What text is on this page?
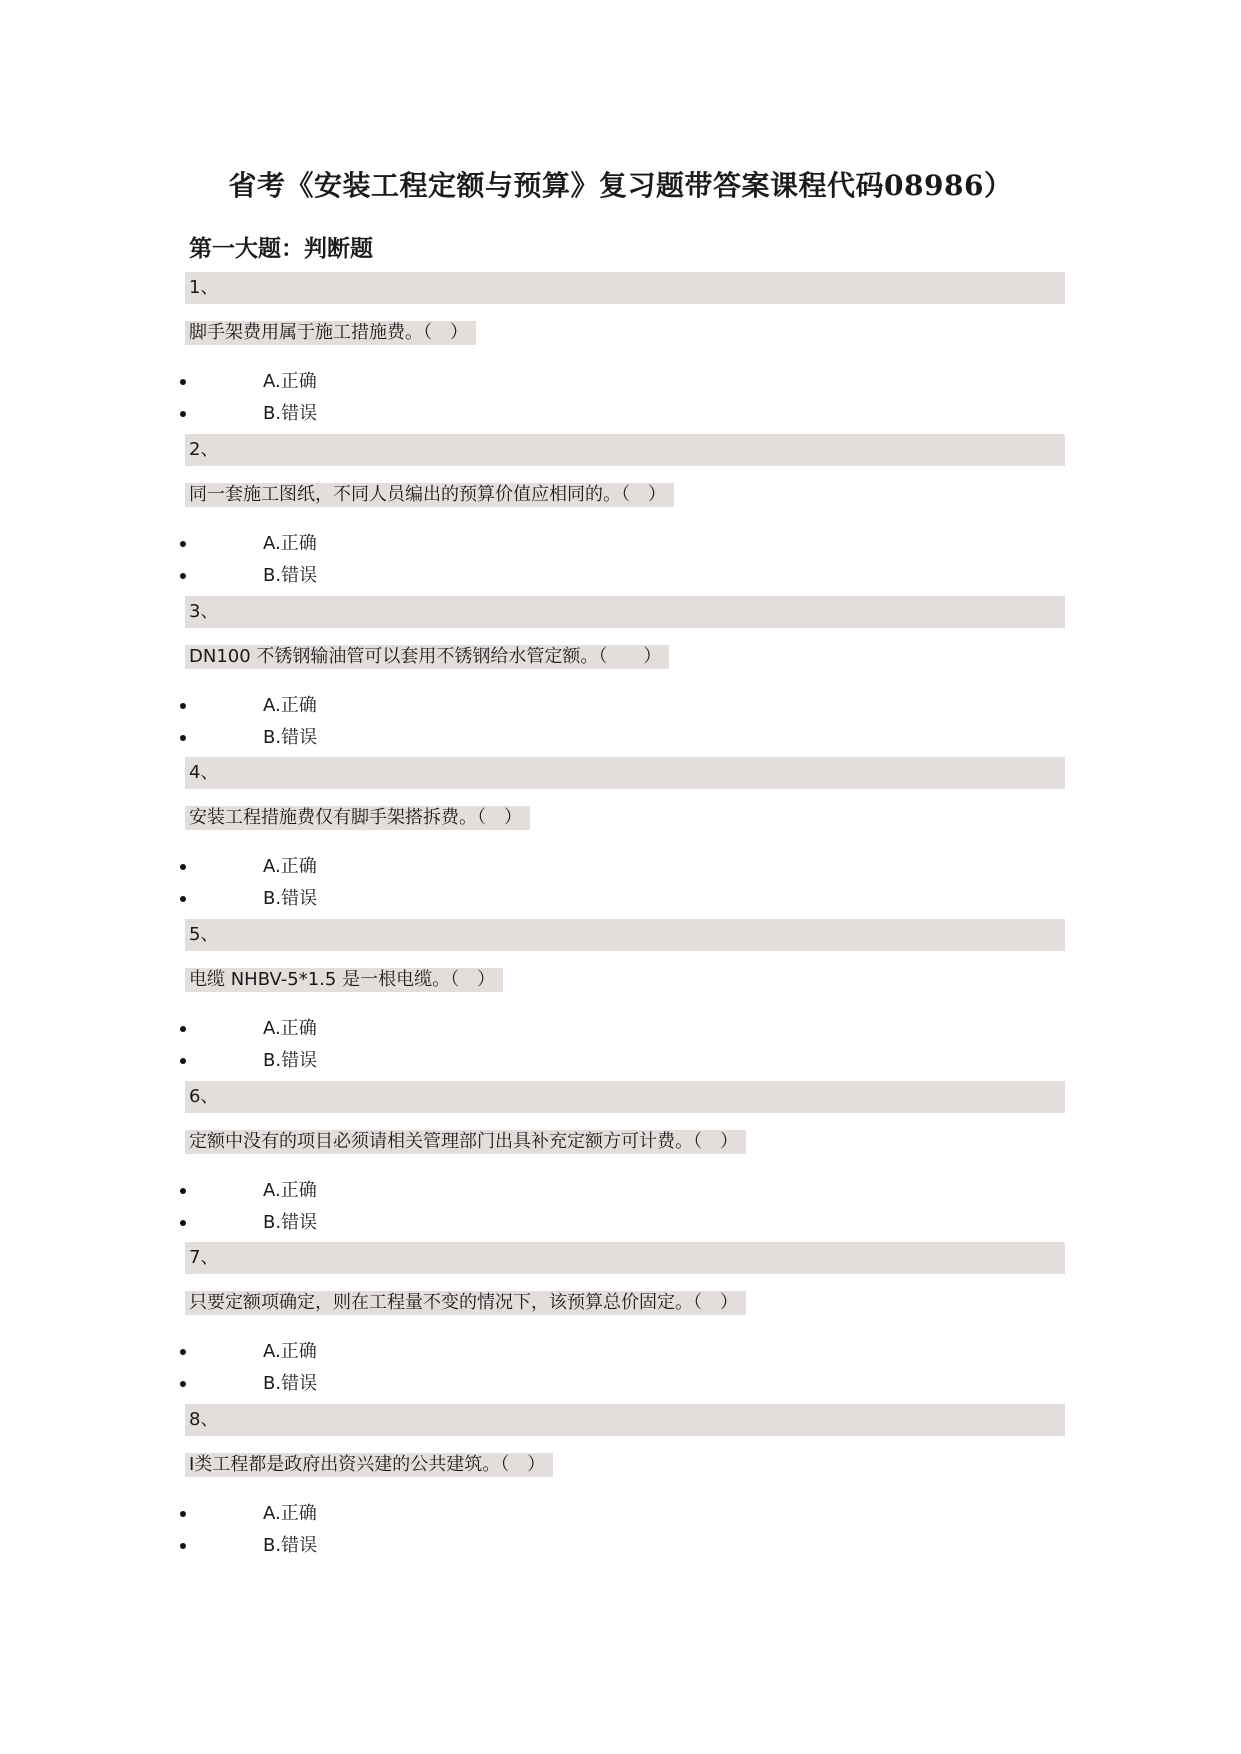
省考《安装工程定额与预算》复习题带答案课程代码08986）
第一大题：判断题
1、
脚手架费用属于施工措施费。（　）
A.正确
B.错误
2、
同一套施工图纸，不同人员编出的预算价值应相同的。（　）
A.正确
B.错误
3、
DN100 不锈钢输油管可以套用不锈钢给水管定额。（　　）
A.正确
B.错误
4、
安装工程措施费仅有脚手架搭拆费。（　）
A.正确
B.错误
5、
电缆 NHBV-5*1.5 是一根电缆。（　）
A.正确
B.错误
6、
定额中没有的项目必须请相关管理部门出具补充定额方可计费。（　）
A.正确
B.错误
7、
只要定额项确定，则在工程量不变的情况下，该预算总价固定。（　）
A.正确
B.错误
8、
Ⅰ类工程都是政府出资兴建的公共建筑。（　）
A.正确
B.错误
